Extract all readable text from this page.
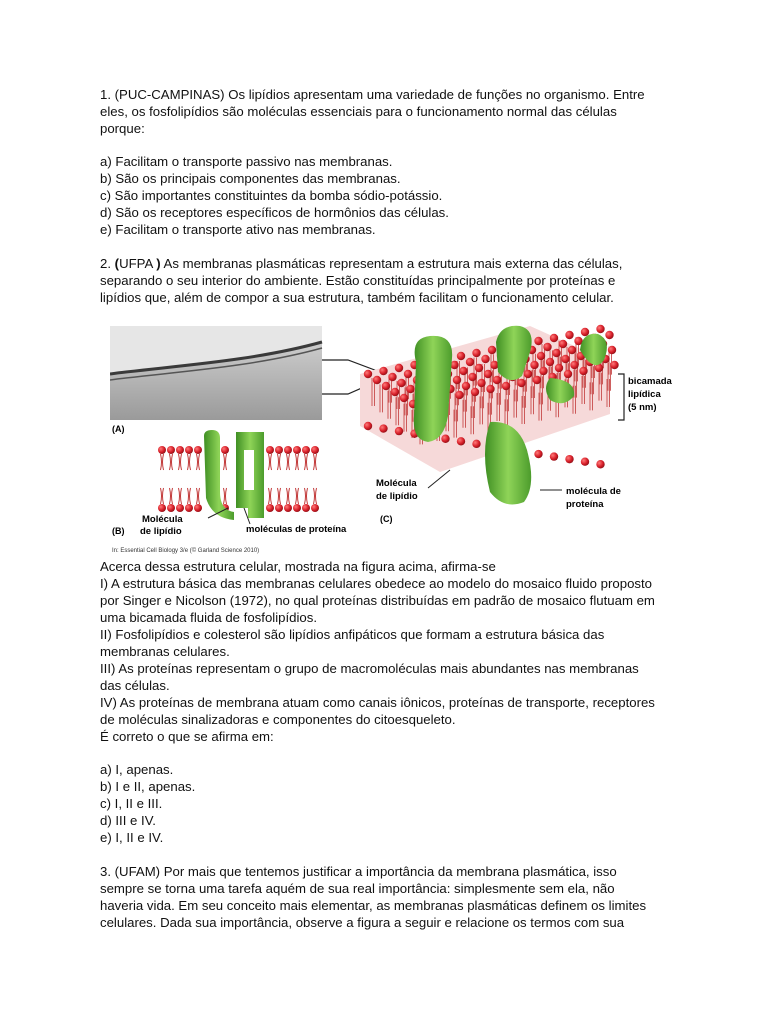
1. (PUC-CAMPINAS) Os lipídios apresentam uma variedade de funções no organismo. Entre

eles, os fosfolipídios são moléculas essenciais para o funcionamento normal das células

porque:

a) Facilitam o transporte passivo nas membranas.

b) São os principais componentes das membranas.

c) São importantes constituintes da bomba sódio-potássio.

d) São os receptores específicos de hormônios das células.

e) Facilitam o transporte ativo nas membranas.

2. (UFPA ) As membranas plasmáticas representam a estrutura mais externa das células,

separando o seu interior do ambiente. Estão constituídas principalmente por proteínas e

lipídios que, além de compor a sua estrutura, também facilitam o funcionamento celular.

(A)
(B)
Molécula
de lipídio	moléculas de proteína
In: Essential Cell Biology 3/e (© Garland Science 2010)
(C)
Molécula
de lipídio
bicamada
lipídica
(5 nm)
molécula de
proteína

Acerca dessa estrutura celular, mostrada na figura acima, afirma-se

I) A estrutura básica das membranas celulares obedece ao modelo do mosaico fluido proposto

por Singer e Nicolson (1972), no qual proteínas distribuídas em padrão de mosaico flutuam em

uma bicamada fluida de fosfolipídios.

II) Fosfolipídios e colesterol são lipídios anfipáticos que formam a estrutura básica das

membranas celulares.

III) As proteínas representam o grupo de macromoléculas mais abundantes nas membranas

das células.

IV) As proteínas de membrana atuam como canais iônicos, proteínas de transporte, receptores

de moléculas sinalizadoras e componentes do citoesqueleto.

É correto o que se afirma em:

a) I, apenas.

b) I e II, apenas.

c) I, II e III.

d) III e IV.

e) I, II e IV.

3. (UFAM) Por mais que tentemos justificar a importância da membrana plasmática, isso

sempre se torna uma tarefa aquém de sua real importância: simplesmente sem ela, não

haveria vida. Em seu conceito mais elementar, as membranas plasmáticas definem os limites

celulares. Dada sua importância, observe a figura a seguir e relacione os termos com sua
